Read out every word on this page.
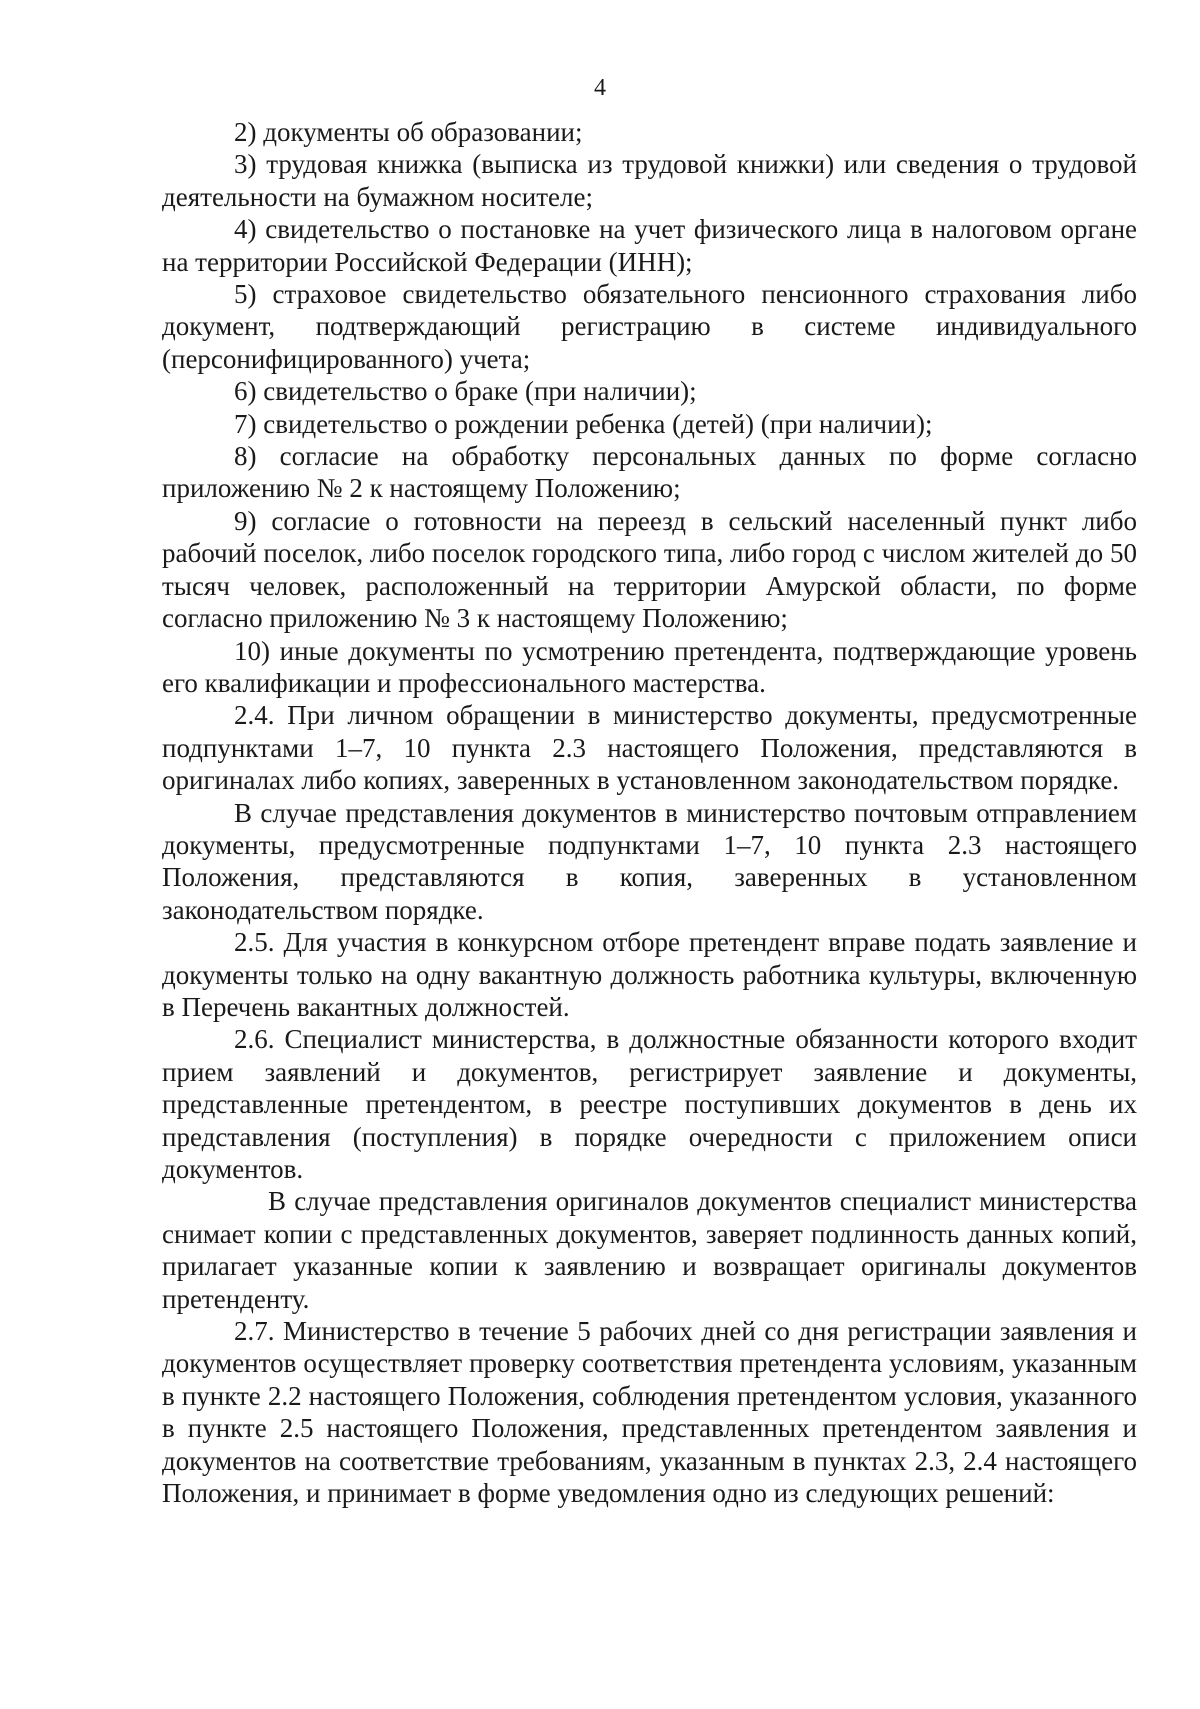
4

2) документы об образовании;

3) трудовая книжка (выписка из трудовой книжки) или сведения о трудовой деятельности на бумажном носителе;

4) свидетельство о постановке на учет физического лица в налоговом органе на территории Российской Федерации (ИНН);

5) страховое свидетельство обязательного пенсионного страхования либо документ, подтверждающий регистрацию в системе индивидуального (персонифицированного) учета;

6) свидетельство о браке (при наличии);

7) свидетельство о рождении ребенка (детей) (при наличии);

8) согласие на обработку персональных данных по форме согласно приложению № 2 к настоящему Положению;

9) согласие о готовности на переезд в сельский населенный пункт либо рабочий поселок, либо поселок городского типа, либо город с числом жителей до 50 тысяч человек, расположенный на территории Амурской области, по форме согласно приложению № 3 к настоящему Положению;

10) иные документы по усмотрению претендента, подтверждающие уровень его квалификации и профессионального мастерства.

2.4. При личном обращении в министерство документы, предусмотренные подпунктами 1–7, 10 пункта 2.3 настоящего Положения, представляются в оригиналах либо копиях, заверенных в установленном законодательством порядке.

В случае представления документов в министерство почтовым отправлением документы, предусмотренные подпунктами 1–7, 10 пункта 2.3 настоящего Положения, представляются в копия, заверенных в установленном законодательством порядке.

2.5. Для участия в конкурсном отборе претендент вправе подать заявление и документы только на одну вакантную должность работника культуры, включенную в Перечень вакантных должностей.

2.6. Специалист министерства, в должностные обязанности которого входит прием заявлений и документов, регистрирует заявление и документы, представленные претендентом, в реестре поступивших документов в день их представления (поступления) в порядке очередности с приложением описи документов.

В случае представления оригиналов документов специалист министерства снимает копии с представленных документов, заверяет подлинность данных копий, прилагает указанные копии к заявлению и возвращает оригиналы документов претенденту.

2.7. Министерство в течение 5 рабочих дней со дня регистрации заявления и документов осуществляет проверку соответствия претендента условиям, указанным в пункте 2.2 настоящего Положения, соблюдения претендентом условия, указанного в пункте 2.5 настоящего Положения, представленных претендентом заявления и документов на соответствие требованиям, указанным в пунктах 2.3, 2.4 настоящего Положения, и принимает в форме уведомления одно из следующих решений:
